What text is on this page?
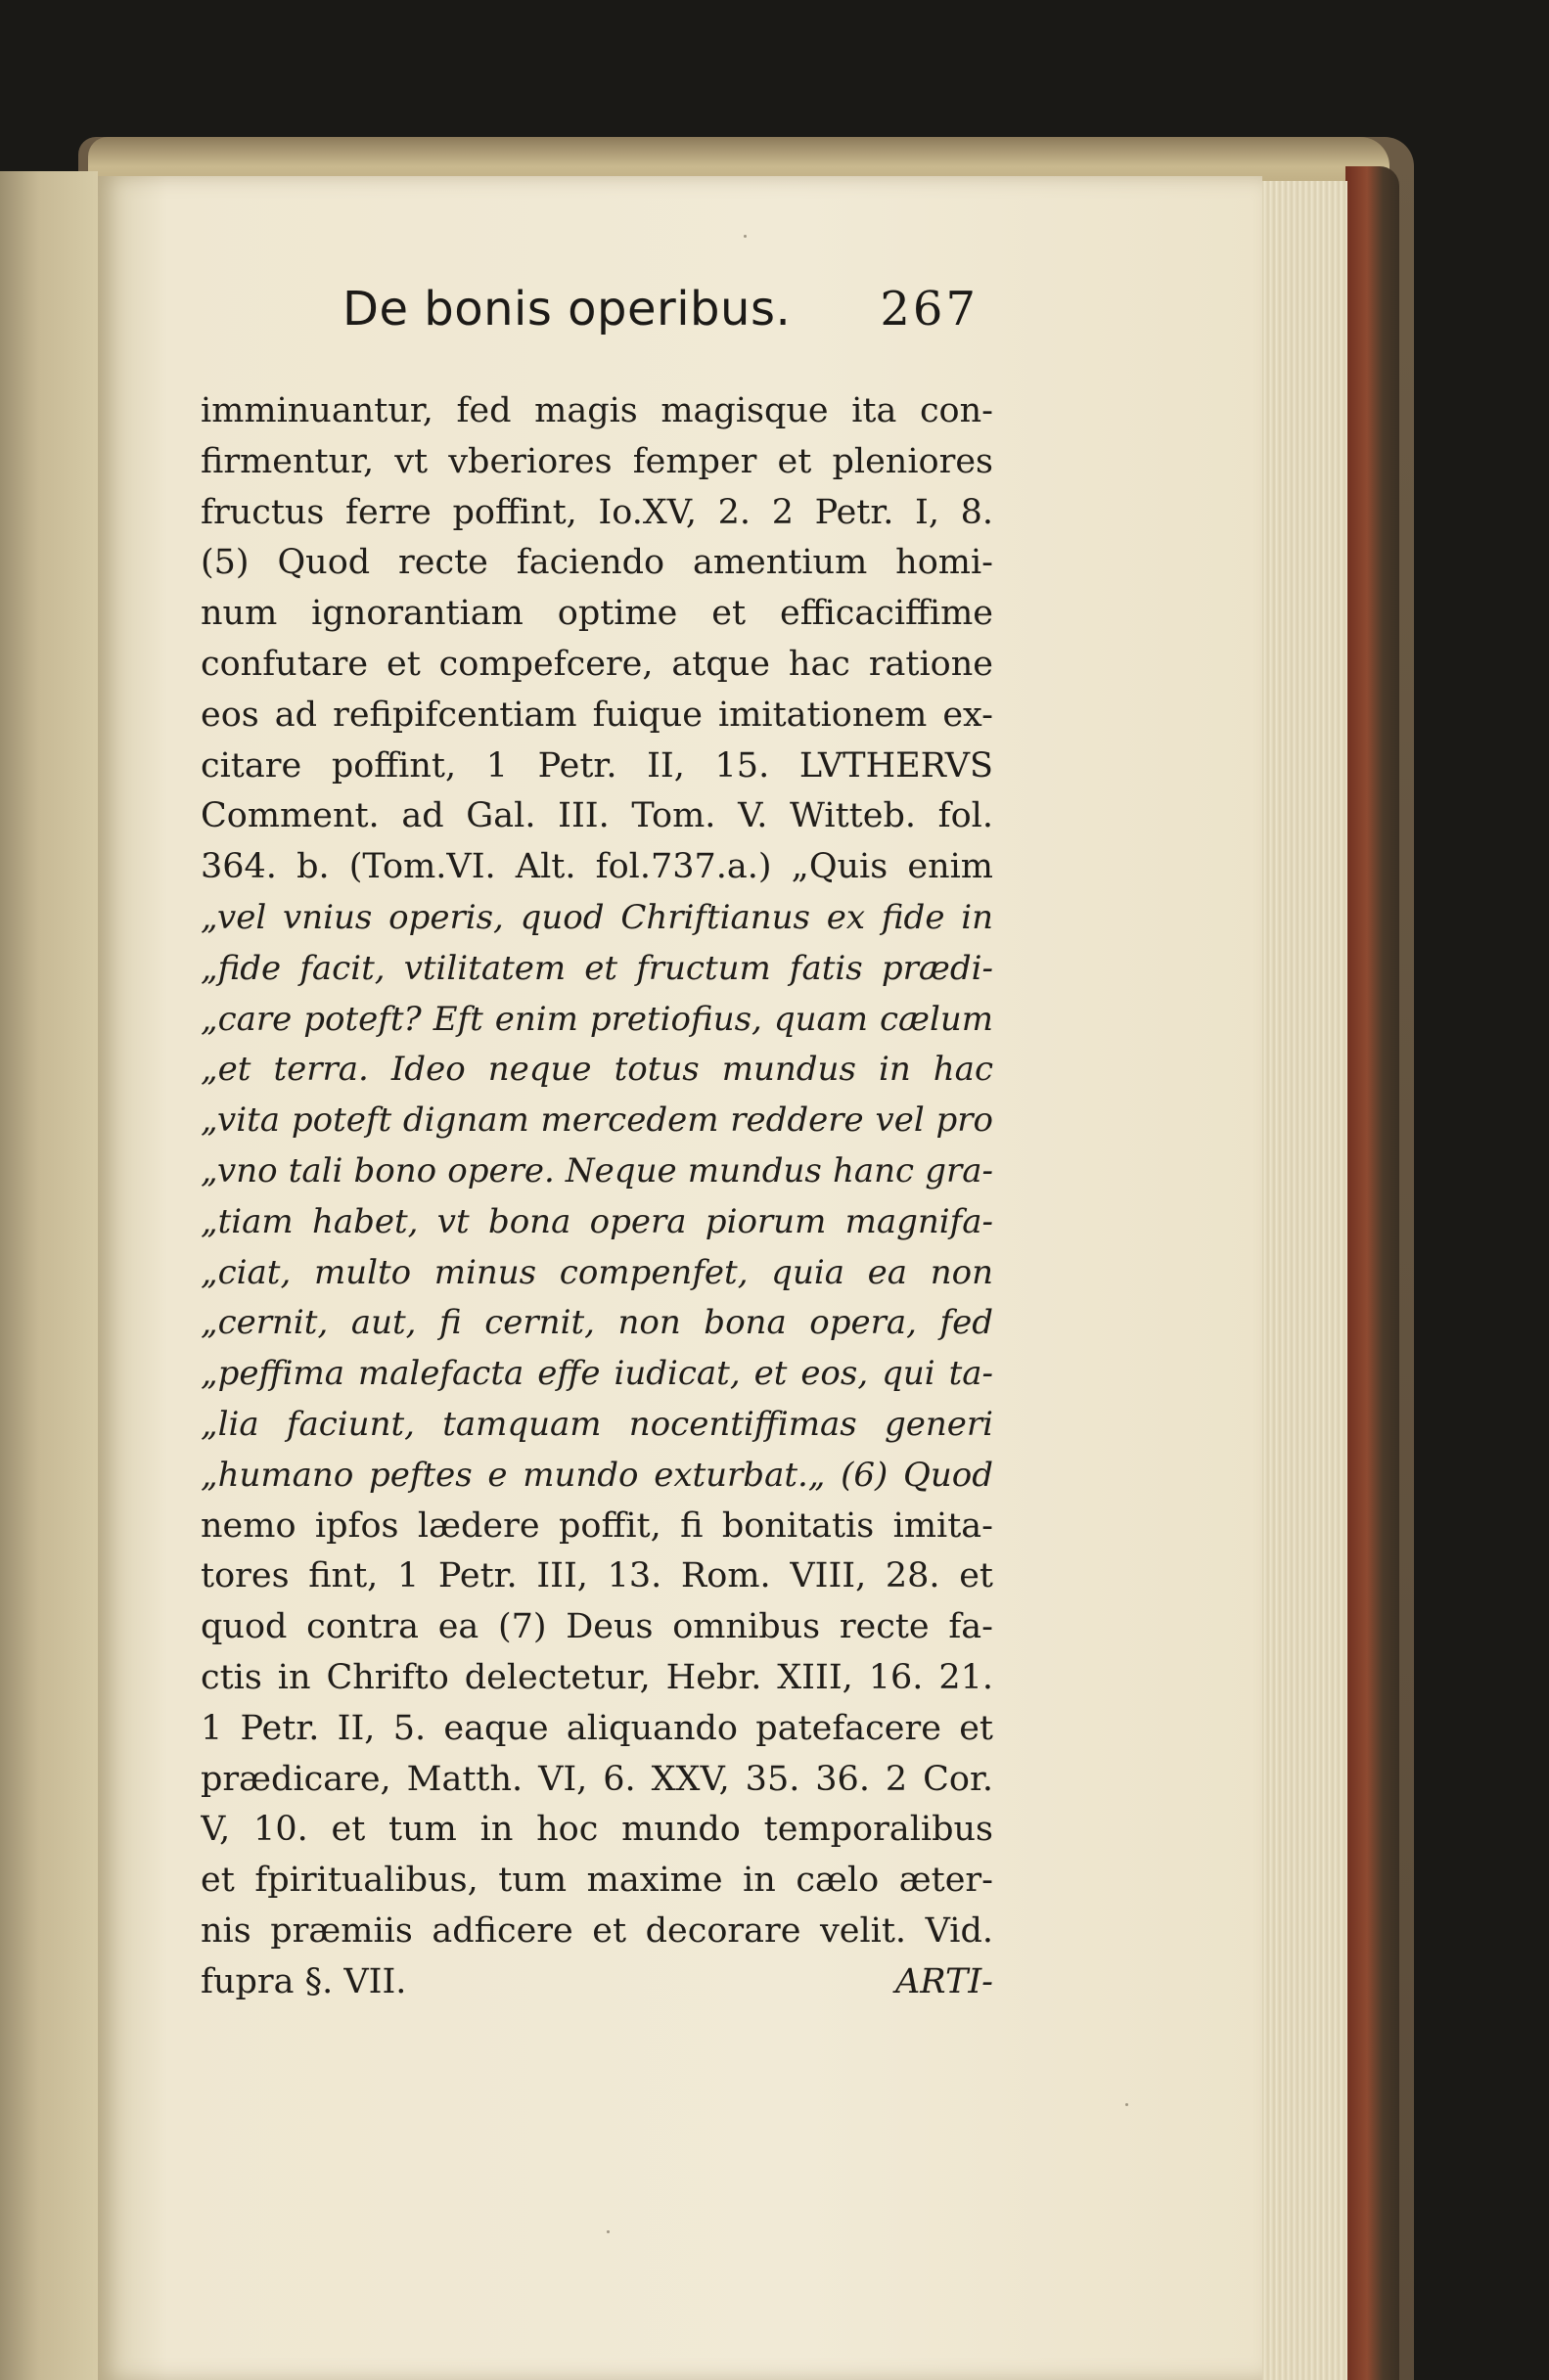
De bonis operibus. 267
imminuantur, fed magis magisque ita con-
firmentur, vt vberiores femper et pleniores
fructus ferre poffint, Io.XV, 2. 2 Petr. I, 8.
(5) Quod recte faciendo amentium homi-
num ignorantiam optime et efficaciffime
confutare et compefcere, atque hac ratione
eos ad refipifcentiam fuique imitationem ex-
citare poffint, 1 Petr. II, 15. LVTHERVS
Comment. ad Gal. III. Tom. V. Witteb. fol.
364. b. (Tom.VI. Alt. fol.737.a.) „Quis enim
„vel vnius operis, quod Chriftianus ex fide in
„fide facit, vtilitatem et fructum fatis prædi-
„care poteft? Eft enim pretiofius, quam cælum
„et terra. Ideo neque totus mundus in hac
„vita poteft dignam mercedem reddere vel pro
„vno tali bono opere. Neque mundus hanc gra-
„tiam habet, vt bona opera piorum magnifa-
„ciat, multo minus compenfet, quia ea non
„cernit, aut, fi cernit, non bona opera, fed
„peffima malefacta effe iudicat, et eos, qui ta-
„lia faciunt, tamquam nocentiffimas generi
„humano peftes e mundo exturbat.„ (6) Quod
nemo ipfos lædere poffit, fi bonitatis imita-
tores fint, 1 Petr. III, 13. Rom. VIII, 28. et
quod contra ea (7) Deus omnibus recte fa-
ctis in Chrifto delectetur, Hebr. XIII, 16. 21.
1 Petr. II, 5. eaque aliquando patefacere et
prædicare, Matth. VI, 6. XXV, 35. 36. 2 Cor.
V, 10. et tum in hoc mundo temporalibus
et fpiritualibus, tum maxime in cælo æter-
nis præmiis adficere et decorare velit. Vid.
fupra §. VII.	ARTI-
